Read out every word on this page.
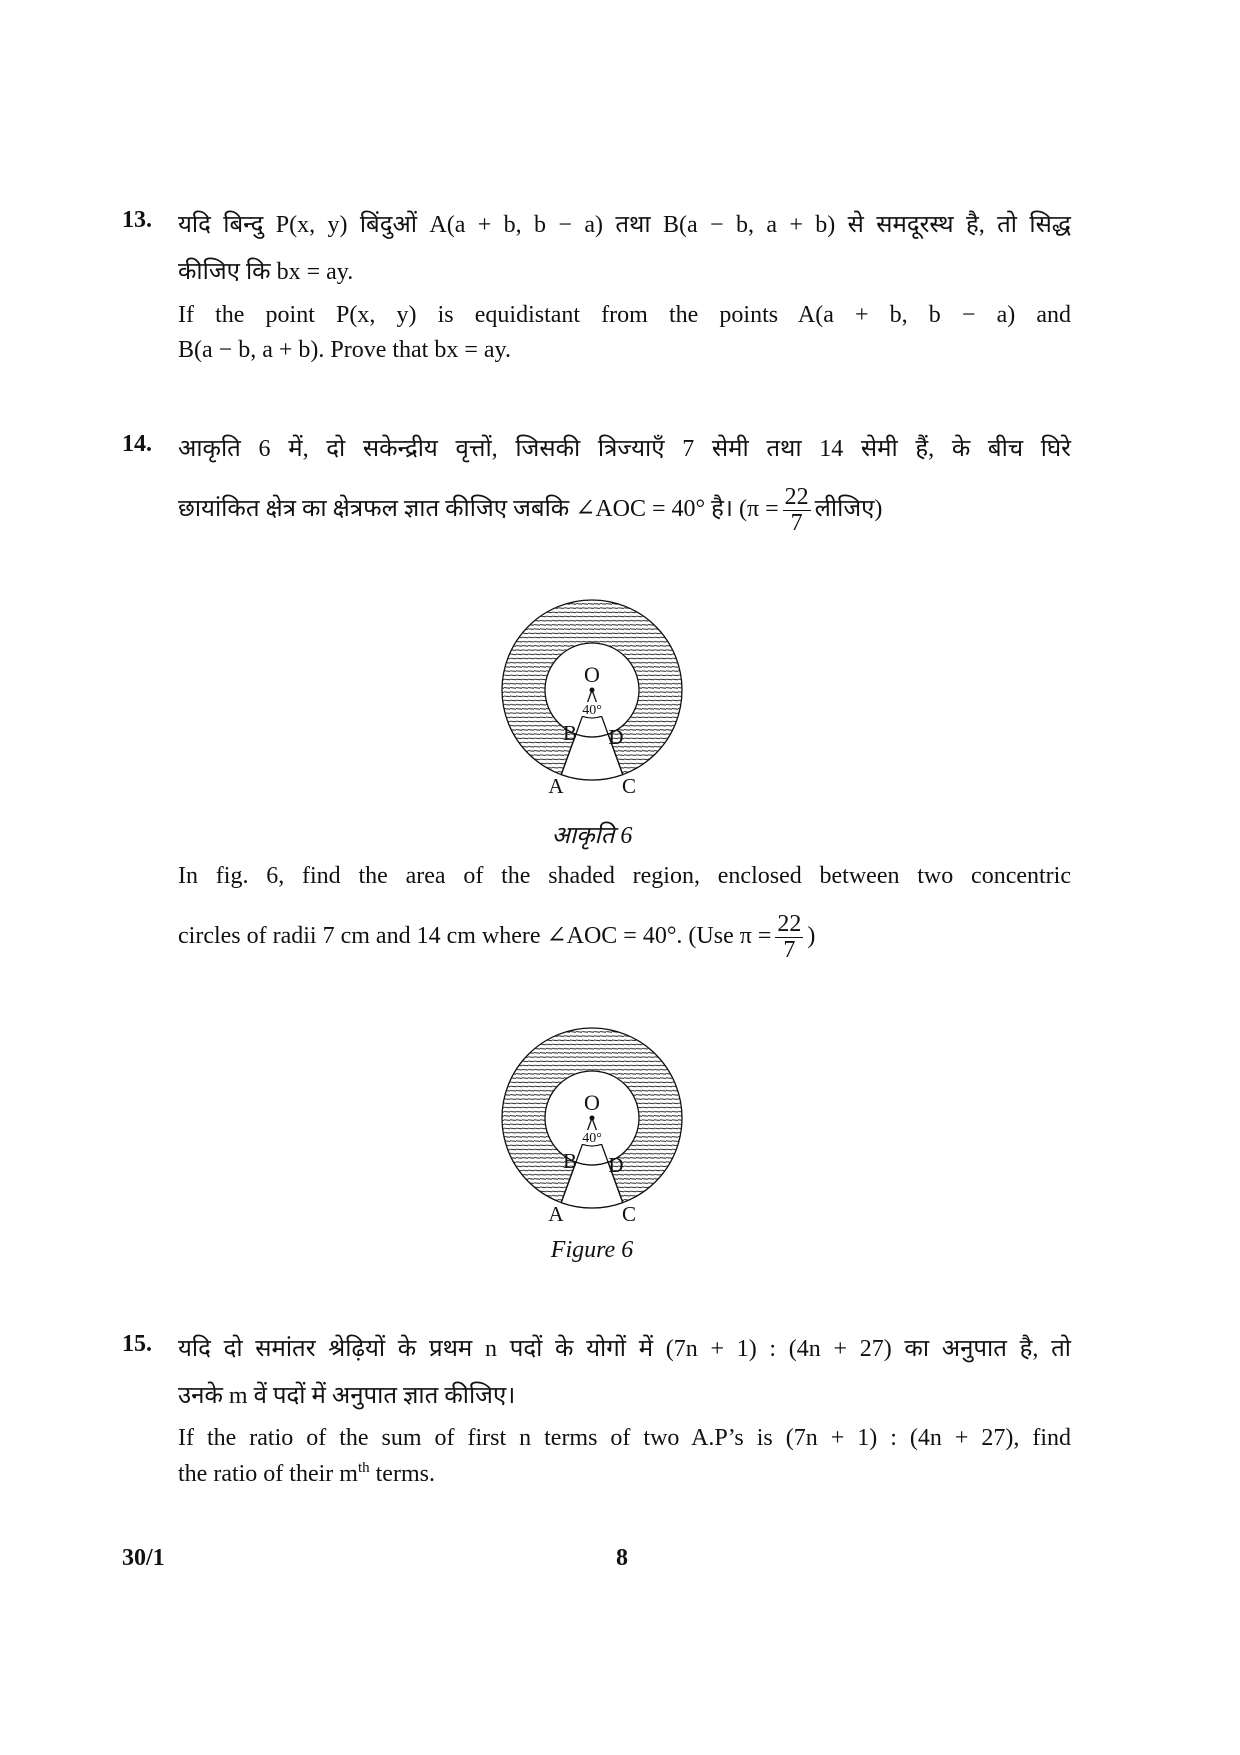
13. यदि बिन्दु P(x, y) बिंदुओं A(a + b, b − a) तथा B(a − b, a + b) से समदूरस्थ है, तो सिद्ध
कीजिए कि bx = ay.
If the point P(x, y) is equidistant from the points A(a + b, b − a) and
B(a − b, a + b). Prove that bx = ay.
14. आकृति 6 में, दो सकेन्द्रीय वृत्तों, जिसकी त्रिज्याएँ 7 सेमी तथा 14 सेमी हैं, के बीच घिरे
छायांकित क्षेत्र का क्षेत्रफल ज्ञात कीजिए जबकि ∠AOC = 40° है। ($\pi = \frac{22}{7}$ लीजिए)
O
40°
B D
A	C
आकृति 6
In fig. 6, find the area of the shaded region, enclosed between two concentric
circles of radii 7 cm and 14 cm where ∠AOC = 40°. (Use $\pi = \frac{22}{7}$ )
O
40°
B D
A	C
Figure 6
15. यदि दो समांतर श्रेढ़ियों के प्रथम n पदों के योगों में (7n + 1) : (4n + 27) का अनुपात है, तो
उनके m वें पदों में अनुपात ज्ञात कीजिए।
If the ratio of the sum of first n terms of two A.P’s is (7n + 1) : (4n + 27), find
the ratio of their $m^{th}$ terms.
30/1	8
